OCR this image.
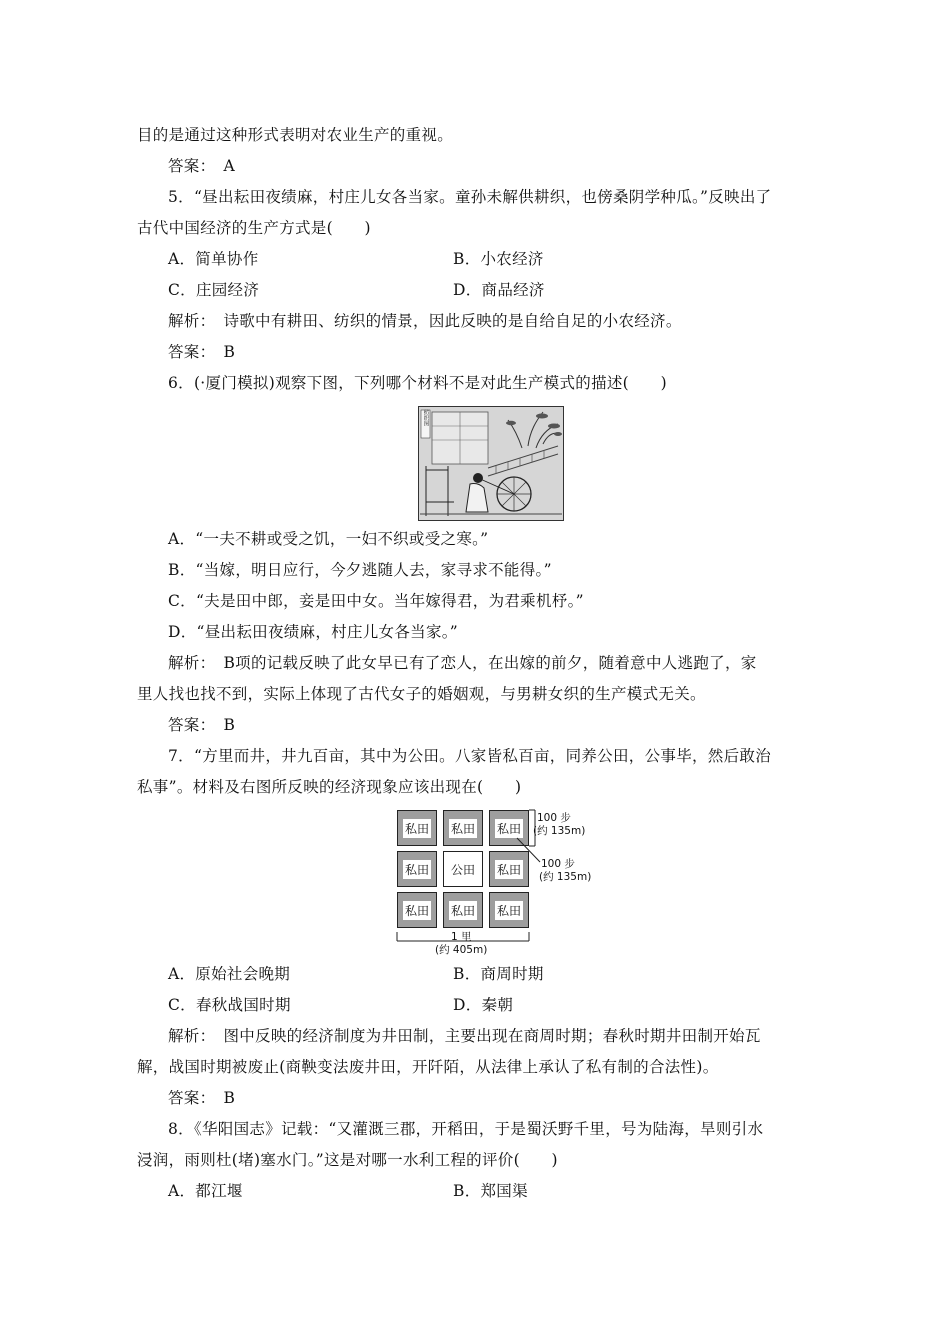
目的是通过这种形式表明对农业生产的重视。
答案：　A
5．“昼出耘田夜绩麻，村庄儿女各当家。童孙未解供耕织，也傍桑阴学种瓜。”反映出了
古代中国经济的生产方式是(　　)
A．简单协作	B．小农经济
C．庄园经济	D．商品经济
解析：　诗歌中有耕田、纺织的情景，因此反映的是自给自足的小农经济。
答案：　B
6．(·厦门模拟)观察下图，下列哪个材料不是对此生产模式的描述(　　)
纺织图
A．“一夫不耕或受之饥，一妇不织或受之寒。”
B．“当嫁，明日应行，今夕逃随人去，家寻求不能得。”
C．“夫是田中郎，妾是田中女。当年嫁得君，为君乘机杼。”
D．“昼出耘田夜绩麻，村庄儿女各当家。”
解析：　B项的记载反映了此女早已有了恋人，在出嫁的前夕，随着意中人逃跑了，家
里人找也找不到，实际上体现了古代女子的婚姻观，与男耕女织的生产模式无关。
答案：　B
7．“方里而井，井九百亩，其中为公田。八家皆私百亩，同养公田，公事毕，然后敢治
私事”。材料及右图所反映的经济现象应该出现在(　　)
私田 私田 私田
私田 公田 私田
私田 私田 私田
100 步
(约 135m)
100 步
(约 135m)
1 里
(约 405m)
A．原始社会晚期	B．商周时期
C．春秋战国时期	D．秦朝
解析：　图中反映的经济制度为井田制，主要出现在商周时期；春秋时期井田制开始瓦
解，战国时期被废止(商鞅变法废井田，开阡陌，从法律上承认了私有制的合法性)。
答案：　B
8．《华阳国志》记载：“又灌溉三郡，开稻田，于是蜀沃野千里，号为陆海，旱则引水
浸润，雨则杜(堵)塞水门。”这是对哪一水利工程的评价(　　)
A．都江堰	B．郑国渠
